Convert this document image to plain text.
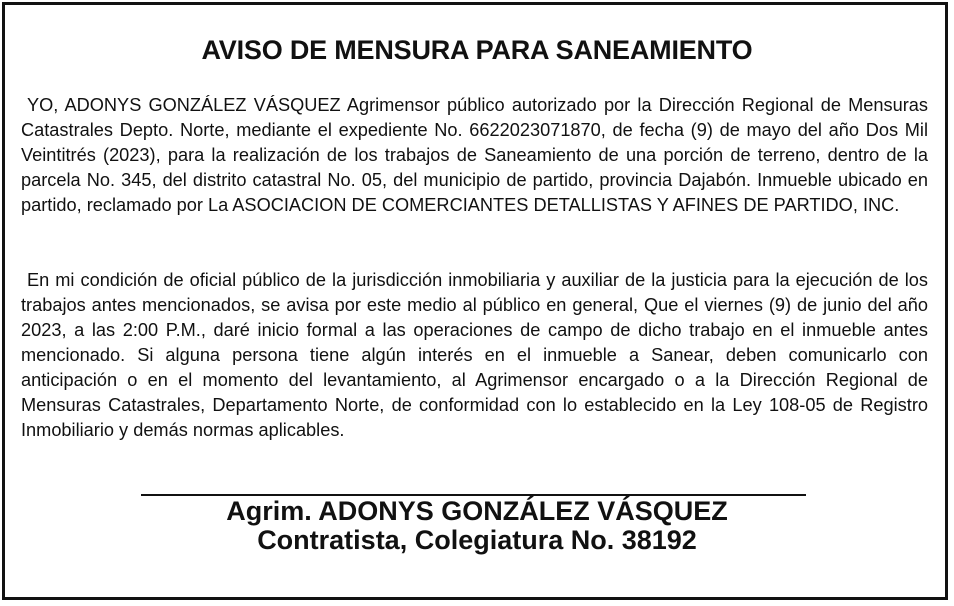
AVISO DE MENSURA PARA SANEAMIENTO

YO, ADONYS GONZÁLEZ VÁSQUEZ Agrimensor público autorizado por la Dirección Regional de Mensuras Catastrales Depto. Norte, mediante el expediente No. 6622023071870, de fecha (9) de mayo del año Dos Mil Veintitrés (2023), para la realización de los trabajos de Saneamiento de una porción de terreno, dentro de la parcela No. 345, del distrito catastral No. 05, del municipio de partido, provincia Dajabón. Inmueble ubicado en partido, reclamado por La ASOCIACION DE COMERCIANTES DETALLISTAS Y AFINES DE PARTIDO, INC.

En mi condición de oficial público de la jurisdicción inmobiliaria y auxiliar de la justicia para la ejecución de los trabajos antes mencionados, se avisa por este medio al público en general, Que el viernes (9) de junio del año 2023, a las 2:00 P.M., daré inicio formal a las operaciones de campo de dicho trabajo en el inmueble antes mencionado. Si alguna persona tiene algún interés en el inmueble a Sanear, deben comunicarlo con anticipación o en el momento del levantamiento, al Agrimensor encargado o a la Dirección Regional de Mensuras Catastrales, Departamento Norte, de conformidad con lo establecido en la Ley 108-05 de Registro Inmobiliario y demás normas aplicables.

Agrim. ADONYS GONZÁLEZ VÁSQUEZ
Contratista, Colegiatura No. 38192
